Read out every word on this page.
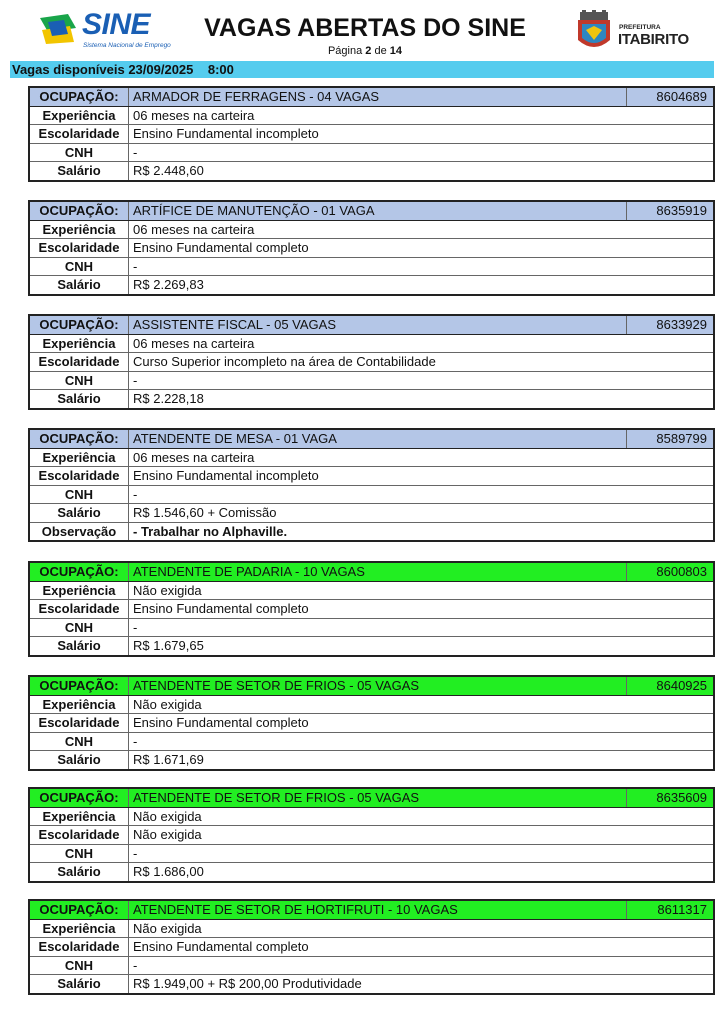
SINE
Sistema Nacional de Emprego
VAGAS ABERTAS DO SINE
Página 2 de 14
PREFEITURA
ITABIRITO
Vagas disponíveis 23/09/2025    8:00
OCUPAÇÃO:	ARMADOR DE FERRAGENS - 04 VAGAS	8604689
Experiência	06 meses na carteira	
Escolaridade	Ensino Fundamental incompleto	
CNH	-	
Salário	R$ 2.448,60	
OCUPAÇÃO:	ARTÍFICE DE MANUTENÇÃO - 01 VAGA	8635919
Experiência	06 meses na carteira	
Escolaridade	Ensino Fundamental completo	
CNH	-	
Salário	R$ 2.269,83	
OCUPAÇÃO:	ASSISTENTE FISCAL - 05 VAGAS	8633929
Experiência	06 meses na carteira	
Escolaridade	Curso Superior incompleto na área de Contabilidade	
CNH	-	
Salário	R$ 2.228,18	
OCUPAÇÃO:	ATENDENTE DE MESA - 01 VAGA	8589799
Experiência	06 meses na carteira	
Escolaridade	Ensino Fundamental incompleto	
CNH	-	
Salário	R$ 1.546,60 + Comissão	
Observação	- Trabalhar no Alphaville.	
OCUPAÇÃO:	ATENDENTE DE PADARIA - 10 VAGAS	8600803
Experiência	Não exigida	
Escolaridade	Ensino Fundamental completo	
CNH	-	
Salário	R$ 1.679,65	
OCUPAÇÃO:	ATENDENTE DE SETOR DE FRIOS - 05 VAGAS	8640925
Experiência	Não exigida	
Escolaridade	Ensino Fundamental completo	
CNH	-	
Salário	R$ 1.671,69	
OCUPAÇÃO:	ATENDENTE DE SETOR DE FRIOS - 05 VAGAS	8635609
Experiência	Não exigida	
Escolaridade	Não exigida	
CNH	-	
Salário	R$ 1.686,00	
OCUPAÇÃO:	ATENDENTE DE SETOR DE HORTIFRUTI - 10 VAGAS	8611317
Experiência	Não exigida	
Escolaridade	Ensino Fundamental completo	
CNH	-	
Salário	R$ 1.949,00 + R$ 200,00 Produtividade	
